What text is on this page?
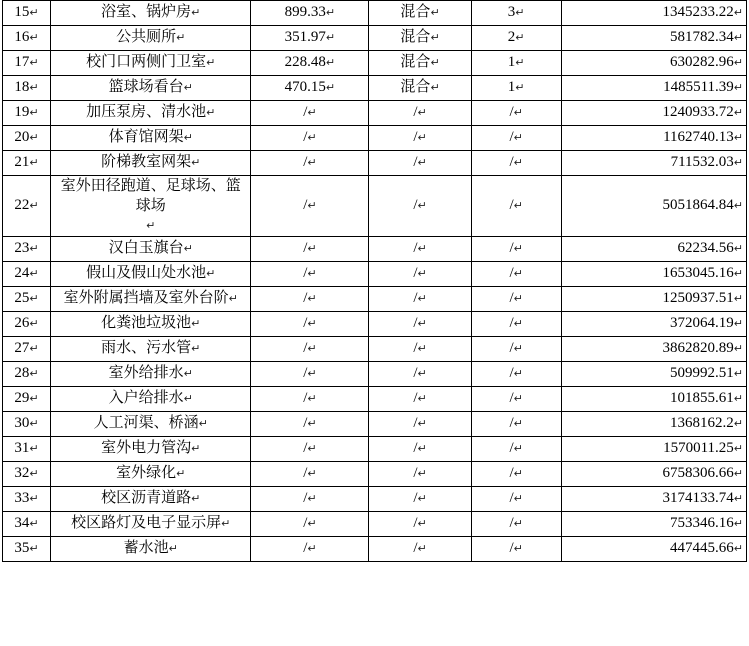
15↵	浴室、锅炉房↵	899.33↵	混合↵	3↵	1345233.22↵
16↵	公共厕所↵	351.97↵	混合↵	2↵	581782.34↵
17↵	校门口两侧门卫室↵	228.48↵	混合↵	1↵	630282.96↵
18↵	篮球场看台↵	470.15↵	混合↵	1↵	1485511.39↵
19↵	加压泵房、清水池↵	/↵	/↵	/↵	1240933.72↵
20↵	体育馆网架↵	/↵	/↵	/↵	1162740.13↵
21↵	阶梯教室网架↵	/↵	/↵	/↵	711532.03↵
22↵	室外田径跑道、足球场、篮球场↵	/↵	/↵	/↵	5051864.84↵
23↵	汉白玉旗台↵	/↵	/↵	/↵	62234.56↵
24↵	假山及假山处水池↵	/↵	/↵	/↵	1653045.16↵
25↵	室外附属挡墙及室外台阶↵	/↵	/↵	/↵	1250937.51↵
26↵	化粪池垃圾池↵	/↵	/↵	/↵	372064.19↵
27↵	雨水、污水管↵	/↵	/↵	/↵	3862820.89↵
28↵	室外给排水↵	/↵	/↵	/↵	509992.51↵
29↵	入户给排水↵	/↵	/↵	/↵	101855.61↵
30↵	人工河渠、桥涵↵	/↵	/↵	/↵	1368162.2↵
31↵	室外电力管沟↵	/↵	/↵	/↵	1570011.25↵
32↵	室外绿化↵	/↵	/↵	/↵	6758306.66↵
33↵	校区沥青道路↵	/↵	/↵	/↵	3174133.74↵
34↵	校区路灯及电子显示屏↵	/↵	/↵	/↵	753346.16↵
35↵	蓄水池↵	/↵	/↵	/↵	447445.66↵
